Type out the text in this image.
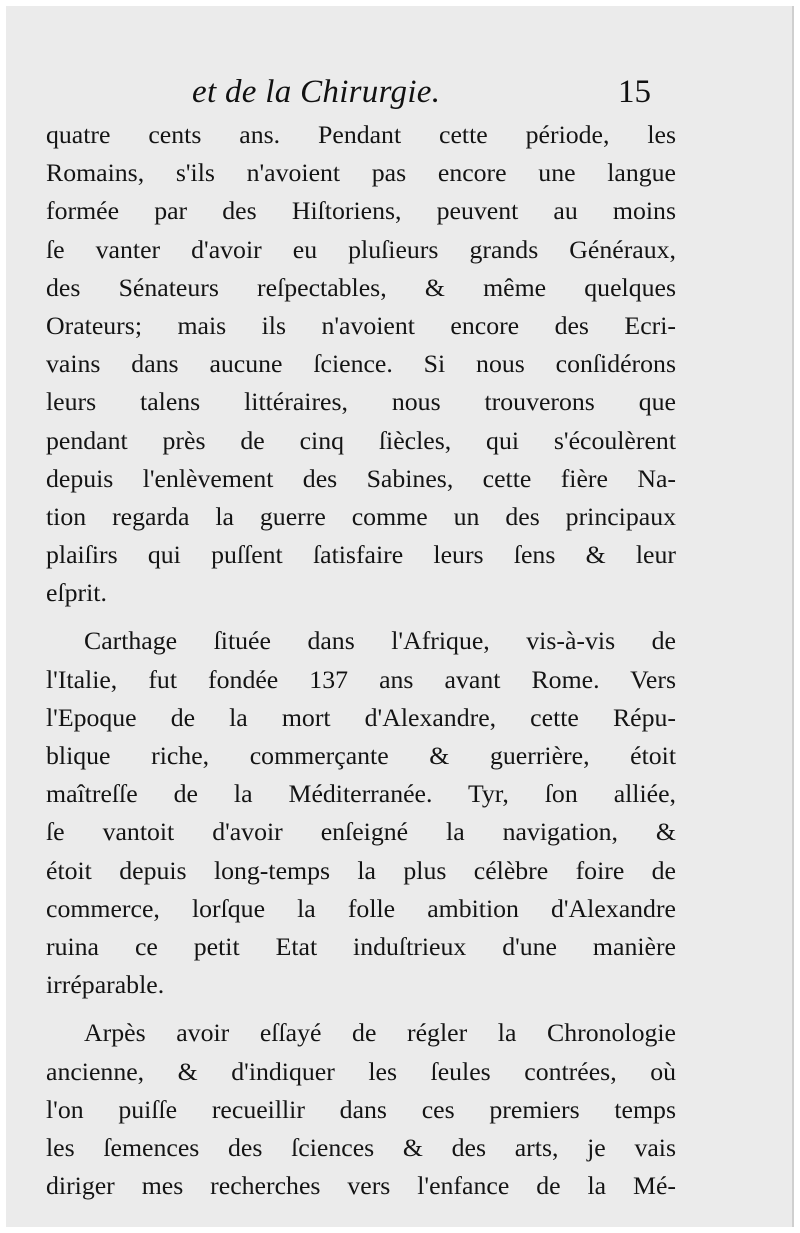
et de la Chirurgie.	15
quatre cents ans. Pendant cette période, les
Romains, s'ils n'avoient pas encore une langue
formée par des Hiſtoriens, peuvent au moins
ſe vanter d'avoir eu pluſieurs grands Généraux,
des Sénateurs reſpectables, & même quelques
Orateurs; mais ils n'avoient encore des Ecri-
vains dans aucune ſcience. Si nous conſidérons
leurs talens littéraires, nous trouverons que
pendant près de cinq ſiècles, qui s'écoulèrent
depuis l'enlèvement des Sabines, cette fière Na-
tion regarda la guerre comme un des principaux
plaiſirs qui puſſent ſatisfaire leurs ſens & leur
eſprit.
Carthage ſituée dans l'Afrique, vis-à-vis de
l'Italie, fut fondée 137 ans avant Rome. Vers
l'Epoque de la mort d'Alexandre, cette Répu-
blique riche, commerçante & guerrière, étoit
maîtreſſe de la Méditerranée. Tyr, ſon alliée,
ſe vantoit d'avoir enſeigné la navigation, &
étoit depuis long-temps la plus célèbre foire de
commerce, lorſque la folle ambition d'Alexandre
ruina ce petit Etat induſtrieux d'une manière
irréparable.
Arpès avoir eſſayé de régler la Chronologie
ancienne, & d'indiquer les ſeules contrées, où
l'on puiſſe recueillir dans ces premiers temps
les ſemences des ſciences & des arts, je vais
diriger mes recherches vers l'enfance de la Mé-
